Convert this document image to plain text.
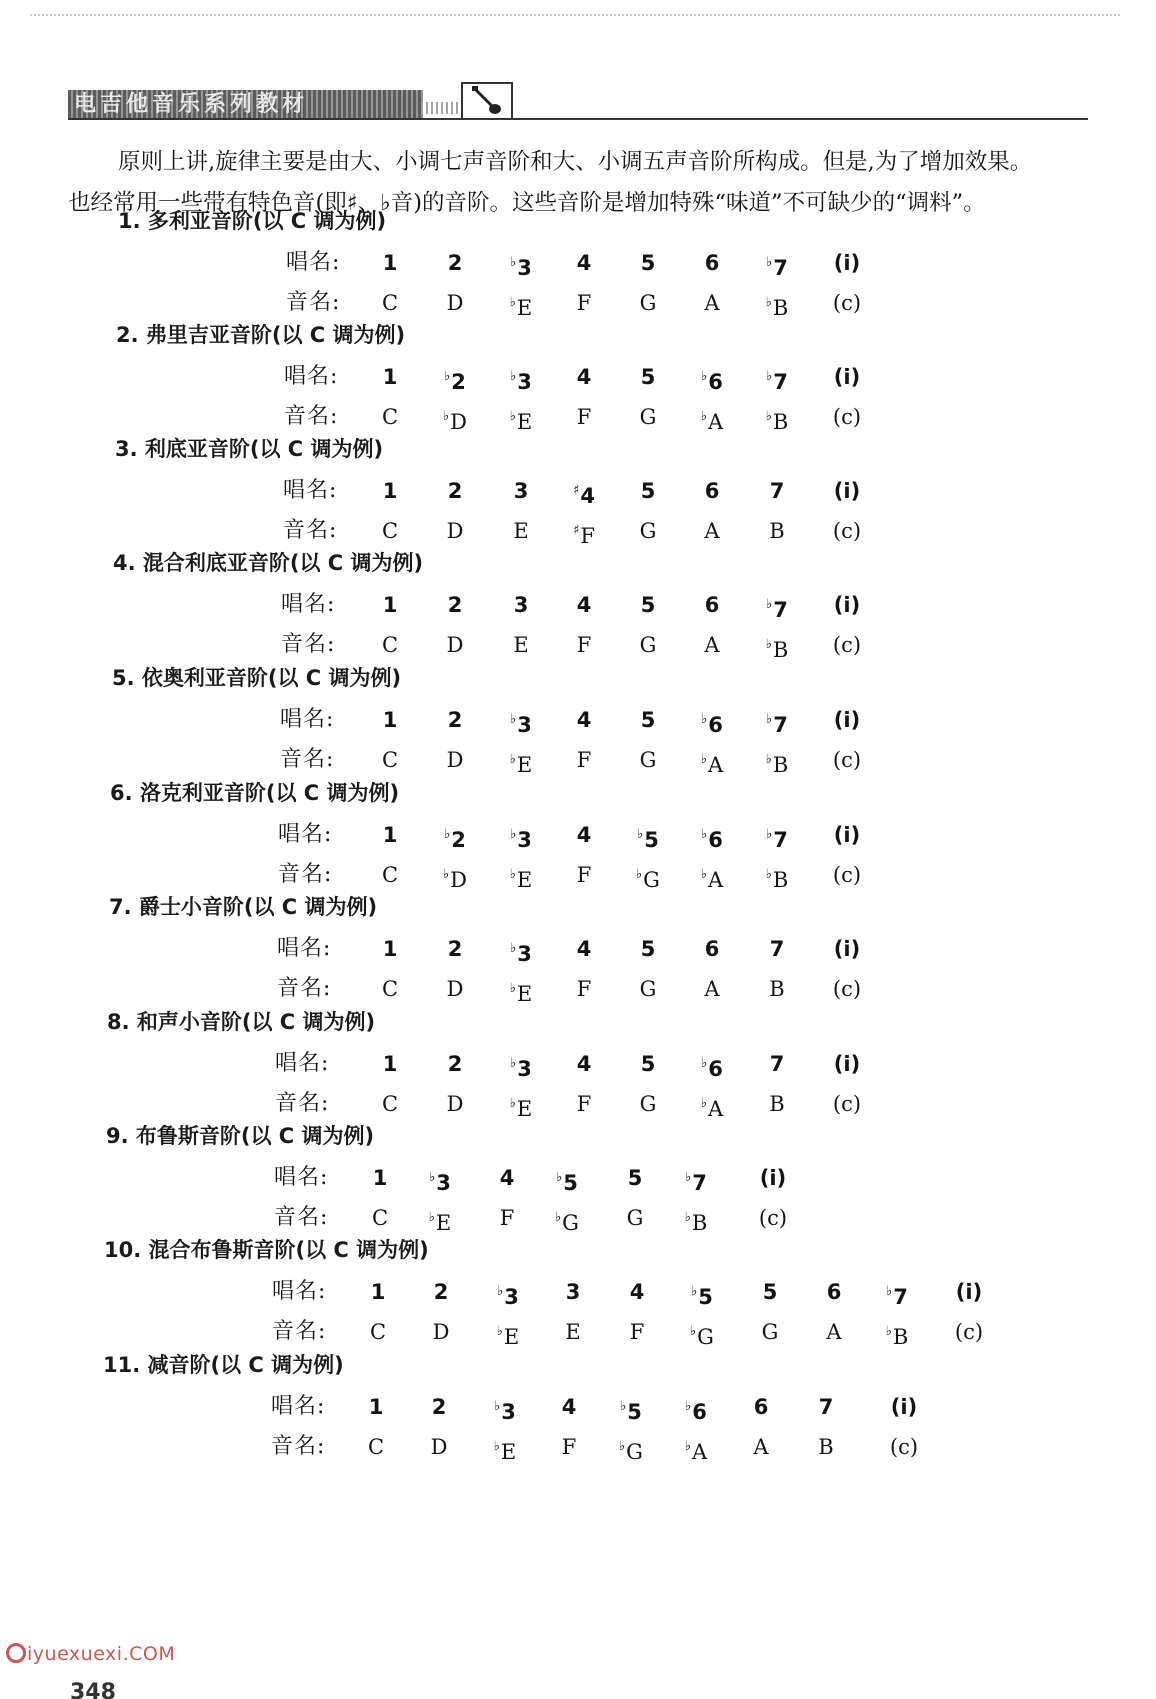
电吉他音乐系列教材

原则上讲,旋律主要是由大、小调七声音阶和大、小调五声音阶所构成。但是,为了增加效果。

也经常用一些带有特色音(即♯、♭音)的音阶。这些音阶是增加特殊“味道”不可缺少的“调料”。

1. 多利亚音阶(以 C 调为例)
唱名:	1	2	♭3	4	5	6	♭7	(i̇)
音名:	C	D	♭E	F	G	A	♭B	(c)
2. 弗里吉亚音阶(以 C 调为例)
唱名:	1	♭2	♭3	4	5	♭6	♭7	(i̇)
音名:	C	♭D	♭E	F	G	♭A	♭B	(c)
3. 利底亚音阶(以 C 调为例)
唱名:	1	2	3	♯4	5	6	7	(i̇)
音名:	C	D	E	♯F	G	A	B	(c)
4. 混合利底亚音阶(以 C 调为例)
唱名:	1	2	3	4	5	6	♭7	(i̇)
音名:	C	D	E	F	G	A	♭B	(c)
5. 依奥利亚音阶(以 C 调为例)
唱名:	1	2	♭3	4	5	♭6	♭7	(i̇)
音名:	C	D	♭E	F	G	♭A	♭B	(c)
6. 洛克利亚音阶(以 C 调为例)
唱名:	1	♭2	♭3	4	♭5	♭6	♭7	(i̇)
音名:	C	♭D	♭E	F	♭G	♭A	♭B	(c)
7. 爵士小音阶(以 C 调为例)
唱名:	1	2	♭3	4	5	6	7	(i̇)
音名:	C	D	♭E	F	G	A	B	(c)
8. 和声小音阶(以 C 调为例)
唱名:	1	2	♭3	4	5	♭6	7	(i̇)
音名:	C	D	♭E	F	G	♭A	B	(c)
9. 布鲁斯音阶(以 C 调为例)
唱名:	1	♭3	4	♭5	5	♭7	(i̇)
音名:	C	♭E	F	♭G	G	♭B	(c)
10. 混合布鲁斯音阶(以 C 调为例)
唱名:	1	2	♭3	3	4	♭5	5	6	♭7	(i̇)
音名:	C	D	♭E	E	F	♭G	G	A	♭B	(c)
11. 减音阶(以 C 调为例)
唱名:	1	2	♭3	4	♭5	♭6	6	7	(i̇)
音名:	C	D	♭E	F	♭G	♭A	A	B	(c)
348
iyuexuexi.COM
